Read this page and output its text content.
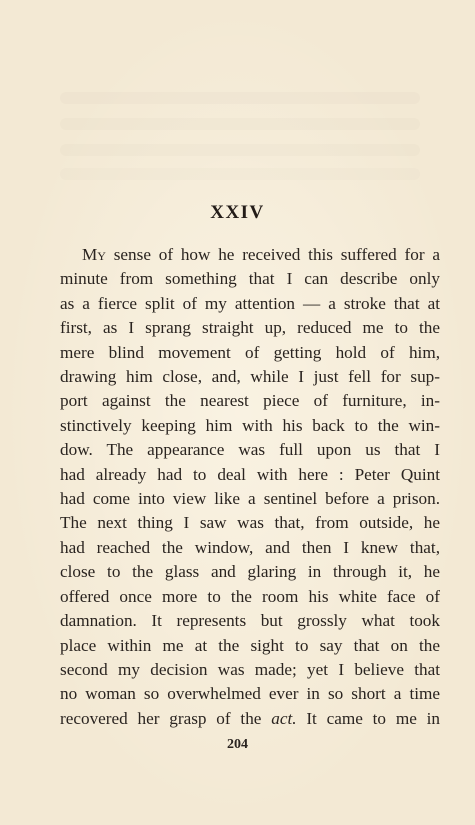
XXIV
My sense of how he received this suffered for a
minute from something that I can describe only
as a fierce split of my attention — a stroke that at
first, as I sprang straight up, reduced me to the
mere blind movement of getting hold of him,
drawing him close, and, while I just fell for sup-
port against the nearest piece of furniture, in-
stinctively keeping him with his back to the win-
dow. The appearance was full upon us that I
had already had to deal with here : Peter Quint
had come into view like a sentinel before a prison.
The next thing I saw was that, from outside, he
had reached the window, and then I knew that,
close to the glass and glaring in through it, he
offered once more to the room his white face of
damnation. It represents but grossly what took
place within me at the sight to say that on the
second my decision was made; yet I believe that
no woman so overwhelmed ever in so short a time
recovered her grasp of the act. It came to me in
204
